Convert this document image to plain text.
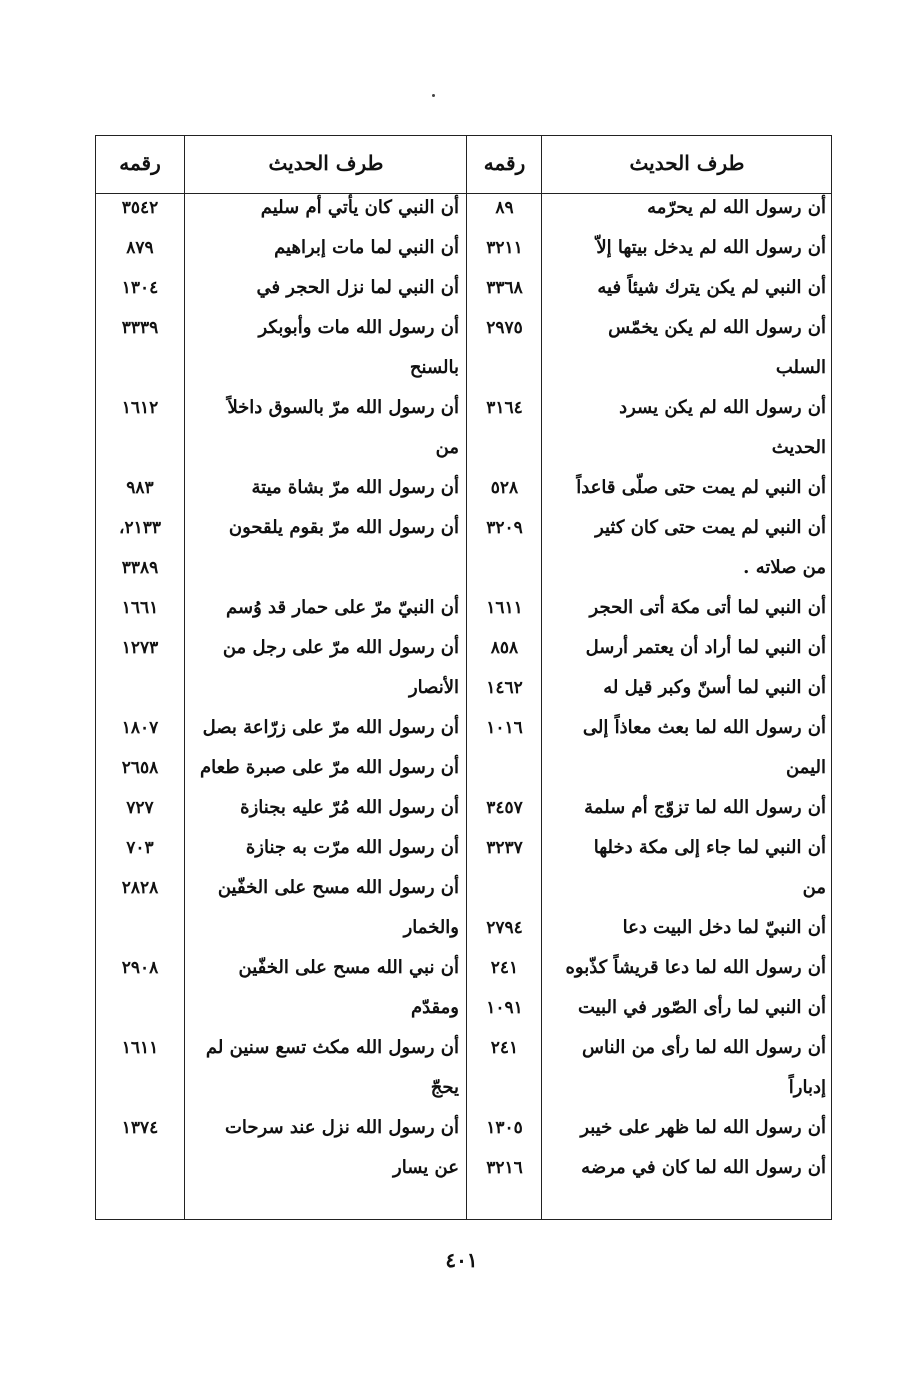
طرف الحديث
رقمه
طرف الحديث
رقمه
أن رسول الله لم يحرّمه
٨٩
أن رسول الله لم يدخل بيتها إلاّ
٣٢١١
أن النبي لم يكن يترك شيئاً فيه
٣٣٦٨
أن رسول الله لم يكن يخمّس
٢٩٧٥
السلب
أن رسول الله لم يكن يسرد
٣١٦٤
الحديث
أن النبي لم يمت حتى صلّى قاعداً
٥٢٨
أن النبي لم يمت حتى كان كثير
٣٢٠٩
من صلاته .
أن النبي لما أتى مكة أتى الحجر
١٦١١
أن النبي لما أراد أن يعتمر أرسل
٨٥٨
أن النبي لما أسنّ وكبر قيل له
١٤٦٢
أن رسول الله لما بعث معاذاً إلى
١٠١٦
اليمن
أن رسول الله لما تزوّج أم سلمة
٣٤٥٧
أن النبي لما جاء إلى مكة دخلها
٣٢٣٧
من
أن النبيّ لما دخل البيت دعا
٢٧٩٤
أن رسول الله لما دعا قريشاً كذّبوه
٢٤١
أن النبي لما رأى الصّور في البيت
١٠٩١
أن رسول الله لما رأى من الناس
٢٤١
إدباراً
أن رسول الله لما ظهر على خيبر
١٣٠٥
أن رسول الله لما كان في مرضه
٣٢١٦
أن النبي كان يأتي أم سليم
٣٥٤٢
أن النبي لما مات إبراهيم
٨٧٩
أن النبي لما نزل الحجر في
١٣٠٤
أن رسول الله مات وأبوبكر
٣٣٣٩
بالسنح
أن رسول الله مرّ بالسوق داخلاً
١٦١٢
من
أن رسول الله مرّ بشاة ميتة
٩٨٣
أن رسول الله مرّ بقوم يلقحون
٢١٣٣،
٣٣٨٩
أن النبيّ مرّ على حمار قد وُسم
١٦٦١
أن رسول الله مرّ على رجل من
١٢٧٣
الأنصار
أن رسول الله مرّ على زرّاعة بصل
١٨٠٧
أن رسول الله مرّ على صبرة طعام
٢٦٥٨
أن رسول الله مُرّ عليه بجنازة
٧٢٧
أن رسول الله مرّت به جنازة
٧٠٣
أن رسول الله مسح على الخفّين
٢٨٢٨
والخمار
أن نبي الله مسح على الخفّين
٢٩٠٨
ومقدّم
أن رسول الله مكث تسع سنين لم
١٦١١
يحجّ
أن رسول الله نزل عند سرحات
١٣٧٤
عن يسار
٤٠١
